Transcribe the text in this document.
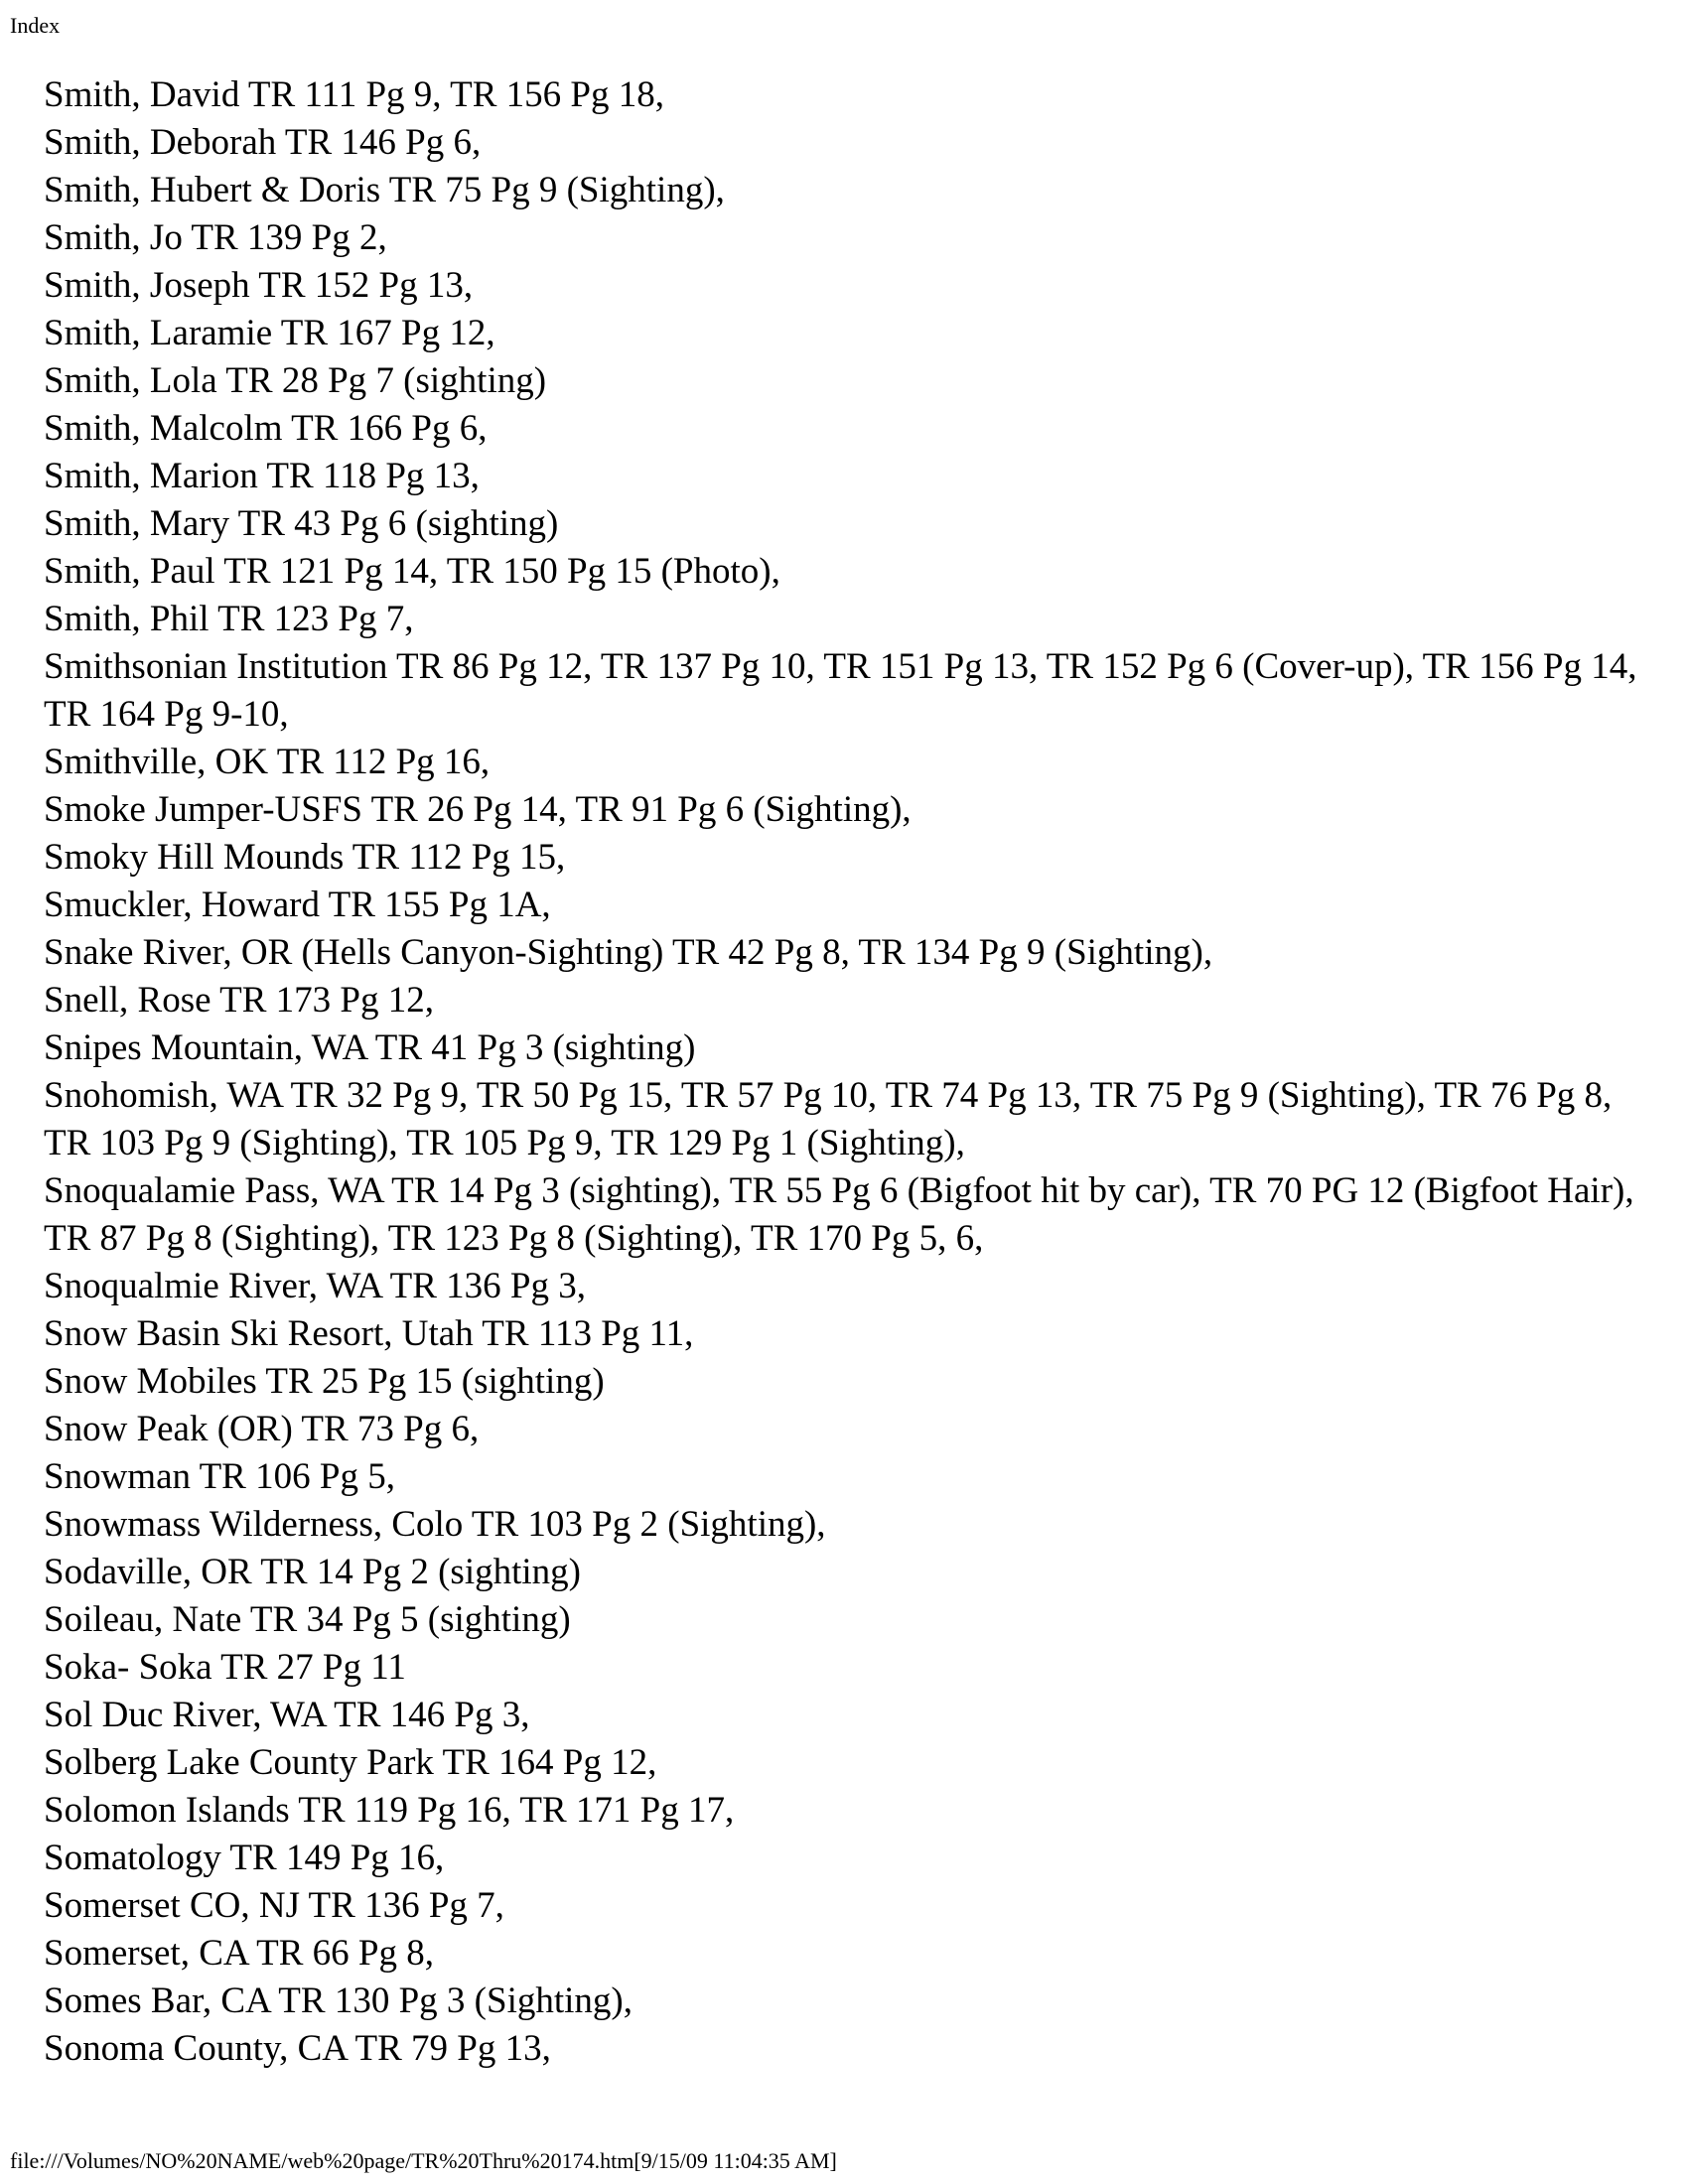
Index
Smith, David TR 111 Pg 9, TR 156 Pg 18,
Smith, Deborah TR 146 Pg 6,
Smith, Hubert & Doris TR 75 Pg 9 (Sighting),
Smith, Jo TR 139 Pg 2,
Smith, Joseph TR 152 Pg 13,
Smith, Laramie TR 167 Pg 12,
Smith, Lola TR 28 Pg 7 (sighting)
Smith, Malcolm TR 166 Pg 6,
Smith, Marion TR 118 Pg 13,
Smith, Mary TR 43 Pg 6 (sighting)
Smith, Paul TR 121 Pg 14, TR 150 Pg 15 (Photo),
Smith, Phil TR 123 Pg 7,
Smithsonian Institution TR 86 Pg 12, TR 137 Pg 10, TR 151 Pg 13, TR 152 Pg 6 (Cover-up), TR 156 Pg 14, TR 164 Pg 9-10,
Smithville, OK TR 112 Pg 16,
Smoke Jumper-USFS TR 26 Pg 14, TR 91 Pg 6 (Sighting),
Smoky Hill Mounds TR 112 Pg 15,
Smuckler, Howard TR 155 Pg 1A,
Snake River, OR (Hells Canyon-Sighting) TR 42 Pg 8, TR 134 Pg 9 (Sighting),
Snell, Rose TR 173 Pg 12,
Snipes Mountain, WA TR 41 Pg 3 (sighting)
Snohomish, WA TR 32 Pg 9, TR 50 Pg 15, TR 57 Pg 10, TR 74 Pg 13, TR 75 Pg 9 (Sighting), TR 76 Pg 8, TR 103 Pg 9 (Sighting), TR 105 Pg 9, TR 129 Pg 1 (Sighting),
Snoqualamie Pass, WA TR 14 Pg 3 (sighting), TR 55 Pg 6 (Bigfoot hit by car), TR 70 PG 12 (Bigfoot Hair), TR 87 Pg 8 (Sighting), TR 123 Pg 8 (Sighting), TR 170 Pg 5, 6,
Snoqualmie River, WA TR 136 Pg 3,
Snow Basin Ski Resort, Utah TR 113 Pg 11,
Snow Mobiles TR 25 Pg 15 (sighting)
Snow Peak (OR) TR 73 Pg 6,
Snowman TR 106 Pg 5,
Snowmass Wilderness, Colo TR 103 Pg 2 (Sighting),
Sodaville, OR TR 14 Pg 2 (sighting)
Soileau, Nate TR 34 Pg 5 (sighting)
Soka- Soka TR 27 Pg 11
Sol Duc River, WA TR 146 Pg 3,
Solberg Lake County Park TR 164 Pg 12,
Solomon Islands TR 119 Pg 16, TR 171 Pg 17,
Somatology TR 149 Pg 16,
Somerset CO, NJ TR 136 Pg 7,
Somerset, CA TR 66 Pg 8,
Somes Bar, CA TR 130 Pg 3 (Sighting),
Sonoma County, CA TR 79 Pg 13,
file:///Volumes/NO%20NAME/web%20page/TR%20Thru%20174.htm[9/15/09 11:04:35 AM]
